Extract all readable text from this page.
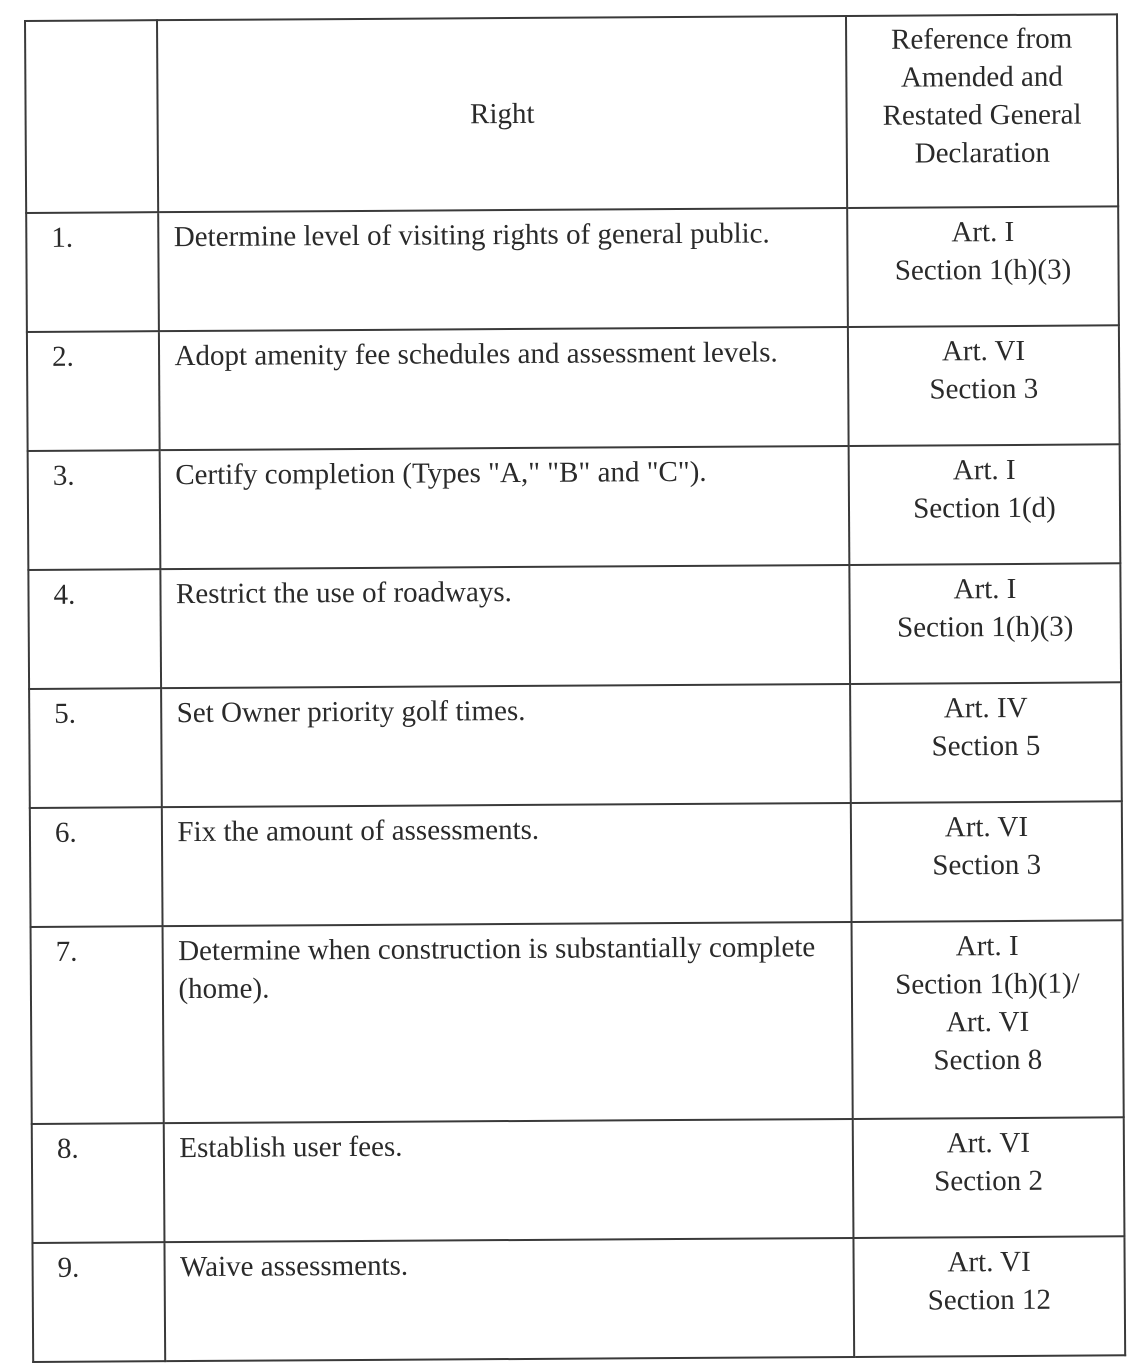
	Right	Reference from
Amended and
Restated General
Declaration
1.	Determine level of visiting rights of general public.	Art. I
Section 1(h)(3)
2.	Adopt amenity fee schedules and assessment levels.	Art. VI
Section 3
3.	Certify completion (Types "A," "B" and "C").	Art. I
Section 1(d)
4.	Restrict the use of roadways.	Art. I
Section 1(h)(3)
5.	Set Owner priority golf times.	Art. IV
Section 5
6.	Fix the amount of assessments.	Art. VI
Section 3
7.	Determine when construction is substantially complete (home).	Art. I
Section 1(h)(1)/
Art. VI
Section 8
8.	Establish user fees.	Art. VI
Section 2
9.	Waive assessments.	Art. VI
Section 12
